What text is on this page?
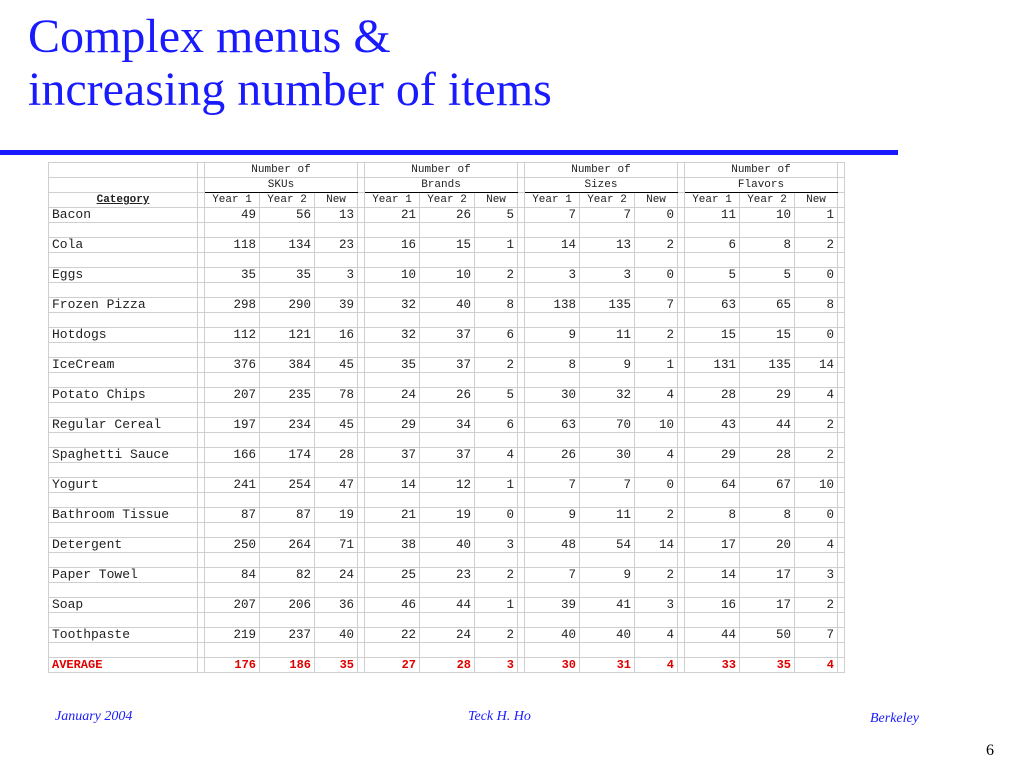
Complex menus &
increasing number of items
		Number of				Number of				Number of				Number of			
		SKUs				Brands				Sizes				Flavors			
Category		Year 1	Year 2	New		Year 1	Year 2	New		Year 1	Year 2	New		Year 1	Year 2	New	
Bacon		49	56	13		21	26	5		7	7	0		11	10	1	

Cola		118	134	23		16	15	1		14	13	2		6	8	2	

Eggs		35	35	3		10	10	2		3	3	0		5	5	0	

Frozen Pizza		298	290	39		32	40	8		138	135	7		63	65	8	

Hotdogs		112	121	16		32	37	6		9	11	2		15	15	0	

IceCream		376	384	45		35	37	2		8	9	1		131	135	14	

Potato Chips		207	235	78		24	26	5		30	32	4		28	29	4	

Regular Cereal		197	234	45		29	34	6		63	70	10		43	44	2	

Spaghetti Sauce		166	174	28		37	37	4		26	30	4		29	28	2	

Yogurt		241	254	47		14	12	1		7	7	0		64	67	10	

Bathroom Tissue		87	87	19		21	19	0		9	11	2		8	8	0	

Detergent		250	264	71		38	40	3		48	54	14		17	20	4	

Paper Towel		84	82	24		25	23	2		7	9	2		14	17	3	

Soap		207	206	36		46	44	1		39	41	3		16	17	2	

Toothpaste		219	237	40		22	24	2		40	40	4		44	50	7	

AVERAGE		176	186	35		27	28	3		30	31	4		33	35	4	
January 2004	Teck H. Ho	Berkeley
6
